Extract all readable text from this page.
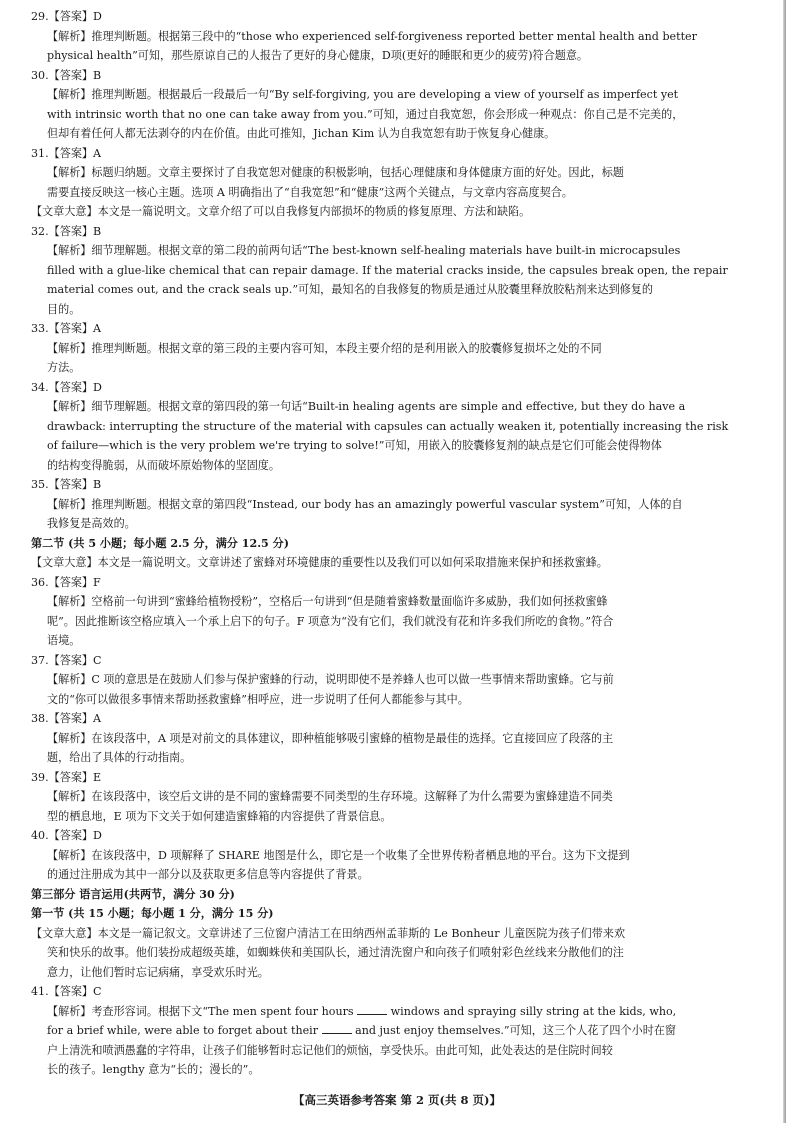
29.【答案】D
【解析】推理判断题。根据第三段中的“those who experienced self-forgiveness reported better mental health and better
physical health”可知，那些原谅自己的人报告了更好的身心健康，D项(更好的睡眠和更少的疲劳)符合题意。
30.【答案】B
【解析】推理判断题。根据最后一段最后一句“By self-forgiving, you are developing a view of yourself as imperfect yet
with intrinsic worth that no one can take away from you.”可知，通过自我宽恕，你会形成一种观点：你自己是不完美的，
但却有着任何人都无法剥夺的内在价值。由此可推知，Jichan Kim 认为自我宽恕有助于恢复身心健康。
31.【答案】A
【解析】标题归纳题。文章主要探讨了自我宽恕对健康的积极影响，包括心理健康和身体健康方面的好处。因此，标题
需要直接反映这一核心主题。选项 A 明确指出了“自我宽恕”和“健康”这两个关键点，与文章内容高度契合。
【文章大意】本文是一篇说明文。文章介绍了可以自我修复内部损坏的物质的修复原理、方法和缺陷。
32.【答案】B
【解析】细节理解题。根据文章的第二段的前两句话“The best-known self-healing materials have built-in microcapsules
filled with a glue-like chemical that can repair damage. If the material cracks inside, the capsules break open, the repair
material comes out, and the crack seals up.”可知，最知名的自我修复的物质是通过从胶囊里释放胶粘剂来达到修复的
目的。
33.【答案】A
【解析】推理判断题。根据文章的第三段的主要内容可知，本段主要介绍的是利用嵌入的胶囊修复损坏之处的不同
方法。
34.【答案】D
【解析】细节理解题。根据文章的第四段的第一句话“Built-in healing agents are simple and effective, but they do have a
drawback: interrupting the structure of the material with capsules can actually weaken it, potentially increasing the risk
of failure—which is the very problem we're trying to solve!”可知，用嵌入的胶囊修复剂的缺点是它们可能会使得物体
的结构变得脆弱，从而破坏原始物体的坚固度。
35.【答案】B
【解析】推理判断题。根据文章的第四段“Instead, our body has an amazingly powerful vascular system”可知，人体的自
我修复是高效的。
第二节 (共 5 小题；每小题 2.5 分，满分 12.5 分)
【文章大意】本文是一篇说明文。文章讲述了蜜蜂对环境健康的重要性以及我们可以如何采取措施来保护和拯救蜜蜂。
36.【答案】F
【解析】空格前一句讲到“蜜蜂给植物授粉”，空格后一句讲到“但是随着蜜蜂数量面临许多威胁，我们如何拯救蜜蜂
呢”。因此推断该空格应填入一个承上启下的句子。F 项意为“没有它们，我们就没有花和许多我们所吃的食物。”符合
语境。
37.【答案】C
【解析】C 项的意思是在鼓励人们参与保护蜜蜂的行动，说明即使不是养蜂人也可以做一些事情来帮助蜜蜂。它与前
文的“你可以做很多事情来帮助拯救蜜蜂”相呼应，进一步说明了任何人都能参与其中。
38.【答案】A
【解析】在该段落中，A 项是对前文的具体建议，即种植能够吸引蜜蜂的植物是最佳的选择。它直接回应了段落的主
题，给出了具体的行动指南。
39.【答案】E
【解析】在该段落中，该空后文讲的是不同的蜜蜂需要不同类型的生存环境。这解释了为什么需要为蜜蜂建造不同类
型的栖息地，E 项为下文关于如何建造蜜蜂箱的内容提供了背景信息。
40.【答案】D
【解析】在该段落中，D 项解释了 SHARE 地图是什么，即它是一个收集了全世界传粉者栖息地的平台。这为下文提到
的通过注册成为其中一部分以及获取更多信息等内容提供了背景。
第三部分 语言运用(共两节，满分 30 分)
第一节 (共 15 小题；每小题 1 分，满分 15 分)
【文章大意】本文是一篇记叙文。文章讲述了三位窗户清洁工在田纳西州孟菲斯的 Le Bonheur 儿童医院为孩子们带来欢
笑和快乐的故事。他们装扮成超级英雄，如蜘蛛侠和美国队长，通过清洗窗户和向孩子们喷射彩色丝线来分散他们的注
意力，让他们暂时忘记病痛，享受欢乐时光。
41.【答案】C
【解析】考查形容词。根据下文“The men spent four hours	windows and spraying silly string at the kids, who,
for a brief while, were able to forget about their	and just enjoy themselves.”可知，这三个人花了四个小时在窗
户上清洗和喷洒愚蠢的字符串，让孩子们能够暂时忘记他们的烦恼，享受快乐。由此可知，此处表达的是住院时间较
长的孩子。lengthy 意为“长的；漫长的”。
【高三英语参考答案 第 2 页(共 8 页)】
